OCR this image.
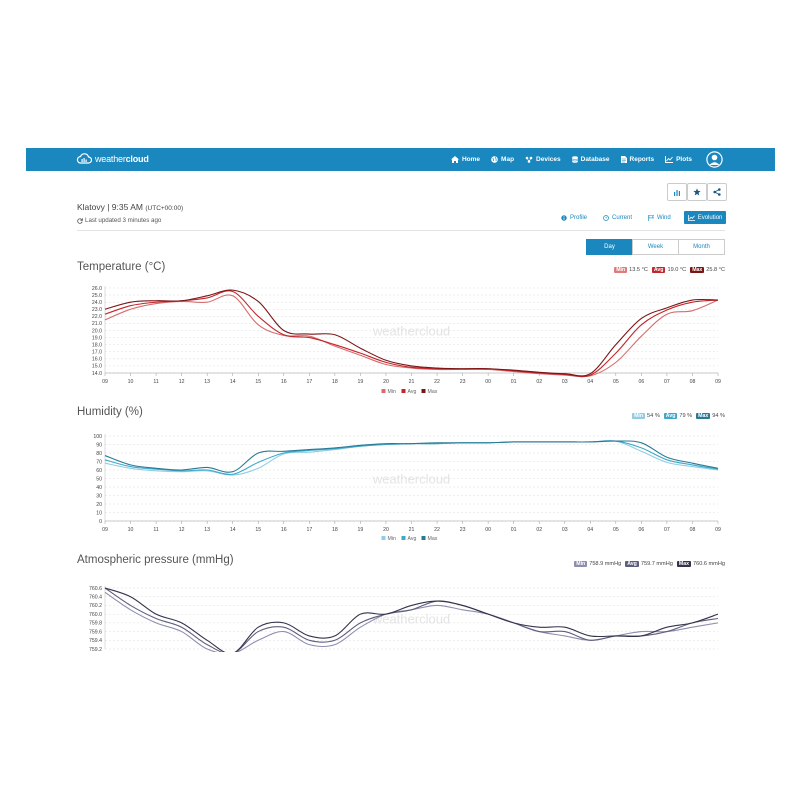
weathercloud	Home	Map	Devices	Database	Reports	Plots
Klatovy | 9:35 AM (UTC+00:00)
Last updated 3 minutes ago	Profile	Current	Wind	Evolution
Day	Week	Month
Temperature (°C)	Min 13.5 °C	Avg 19.0 °C	Max 25.8 °C
weathercloud
26.0
25.0
24.0
23.0
22.0
21.0
20.0
19.0
18.0
17.0
16.0
15.0
14.0
09	10	11	12	13	14	15	16	17	18	19	20	21	22	23	00	01	02	03	04	05	06	07	08	09
Min Avg Max
Humidity (%)	Min 54 %	Avg 79 %	Max 94 %
weathercloud
100
90
80
70
60
50
40
30
20
10
0
09	10	11	12	13	14	15	16	17	18	19	20	21	22	23	00	01	02	03	04	05	06	07	08	09
Min Avg Max
Atmospheric pressure (mmHg)	Min 758.9 mmHg	Avg 759.7 mmHg	Max 760.6 mmHg
weathercloud
760.6
760.4
760.2
760.0
759.8
759.6
759.4
759.2
